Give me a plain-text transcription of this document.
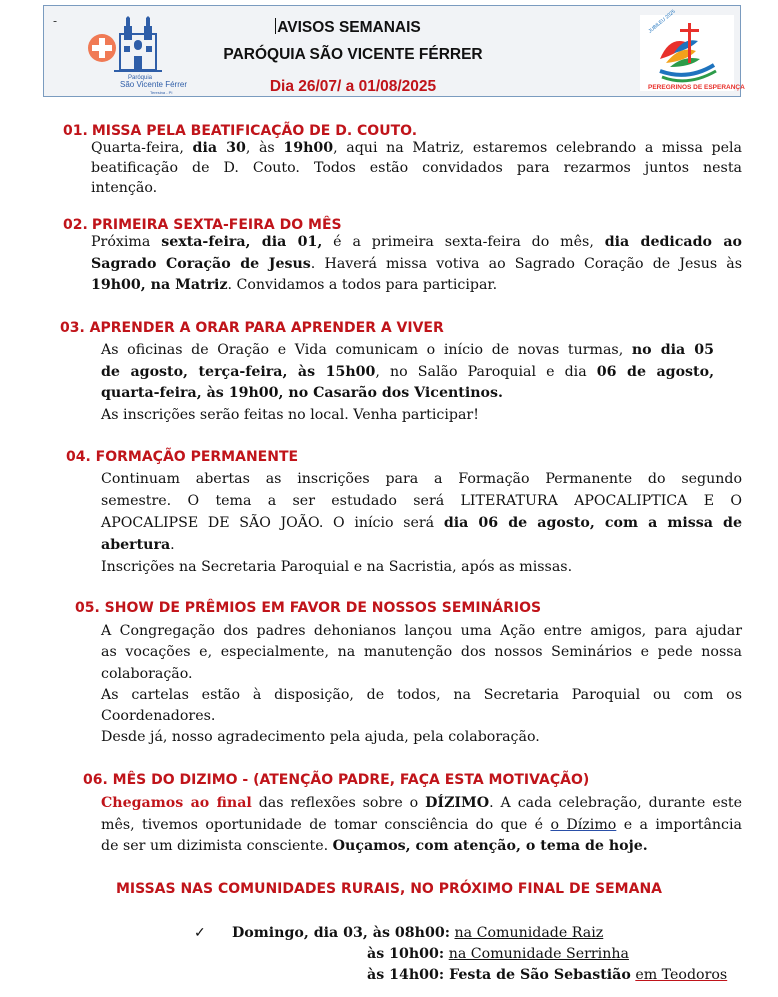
-
Paróquia
São Vicente Férrer
Teresina - PI
AVISOS SEMANAIS
PARÓQUIA SÃO VICENTE FÉRRER
Dia 26/07/ a 01/08/2025
JUBILEU 2025
PEREGRINOS DE ESPERANÇA
01. MISSA PELA BEATIFICAÇÃO DE D. COUTO.
Quarta-feira, dia 30, às 19h00, aqui na Matriz, estaremos celebrando a missa pela
beatificação de D. Couto. Todos estão convidados para rezarmos juntos nesta
intenção.
02. PRIMEIRA SEXTA-FEIRA DO MÊS
Próxima sexta-feira, dia 01, é a primeira sexta-feira do mês, dia dedicado ao
Sagrado Coração de Jesus. Haverá missa votiva ao Sagrado Coração de Jesus às
19h00, na Matriz. Convidamos a todos para participar.
03. APRENDER A ORAR PARA APRENDER A VIVER
As oficinas de Oração e Vida comunicam o início de novas turmas, no dia 05
de agosto, terça-feira, às 15h00, no Salão Paroquial e dia 06 de agosto,
quarta-feira, às 19h00, no Casarão dos Vicentinos.
As inscrições serão feitas no local. Venha participar!
04. FORMAÇÃO PERMANENTE
Continuam abertas as inscrições para a Formação Permanente do segundo
semestre. O tema a ser estudado será LITERATURA APOCALIPTICA E O
APOCALIPSE DE SÃO JOÃO. O início será dia 06 de agosto, com a missa de
abertura.
Inscrições na Secretaria Paroquial e na Sacristia, após as missas.
05. SHOW DE PRÊMIOS EM FAVOR DE NOSSOS SEMINÁRIOS
A Congregação dos padres dehonianos lançou uma Ação entre amigos, para ajudar
as vocações e, especialmente, na manutenção dos nossos Seminários e pede nossa
colaboração.
As cartelas estão à disposição, de todos, na Secretaria Paroquial ou com os
Coordenadores.
Desde já, nosso agradecimento pela ajuda, pela colaboração.
06. MÊS DO DIZIMO - (ATENÇÃO PADRE, FAÇA ESTA MOTIVAÇÃO)
Chegamos ao final das reflexões sobre o DÍZIMO. A cada celebração, durante este
mês, tivemos oportunidade de tomar consciência do que é o Dízimo e a importância
de ser um dizimista consciente. Ouçamos, com atenção, o tema de hoje.
MISSAS NAS COMUNIDADES RURAIS, NO PRÓXIMO FINAL DE SEMANA
✓ Domingo, dia 03, às 08h00: na Comunidade Raiz
às 10h00: na Comunidade Serrinha
às 14h00: Festa de São Sebastião em Teodoros
